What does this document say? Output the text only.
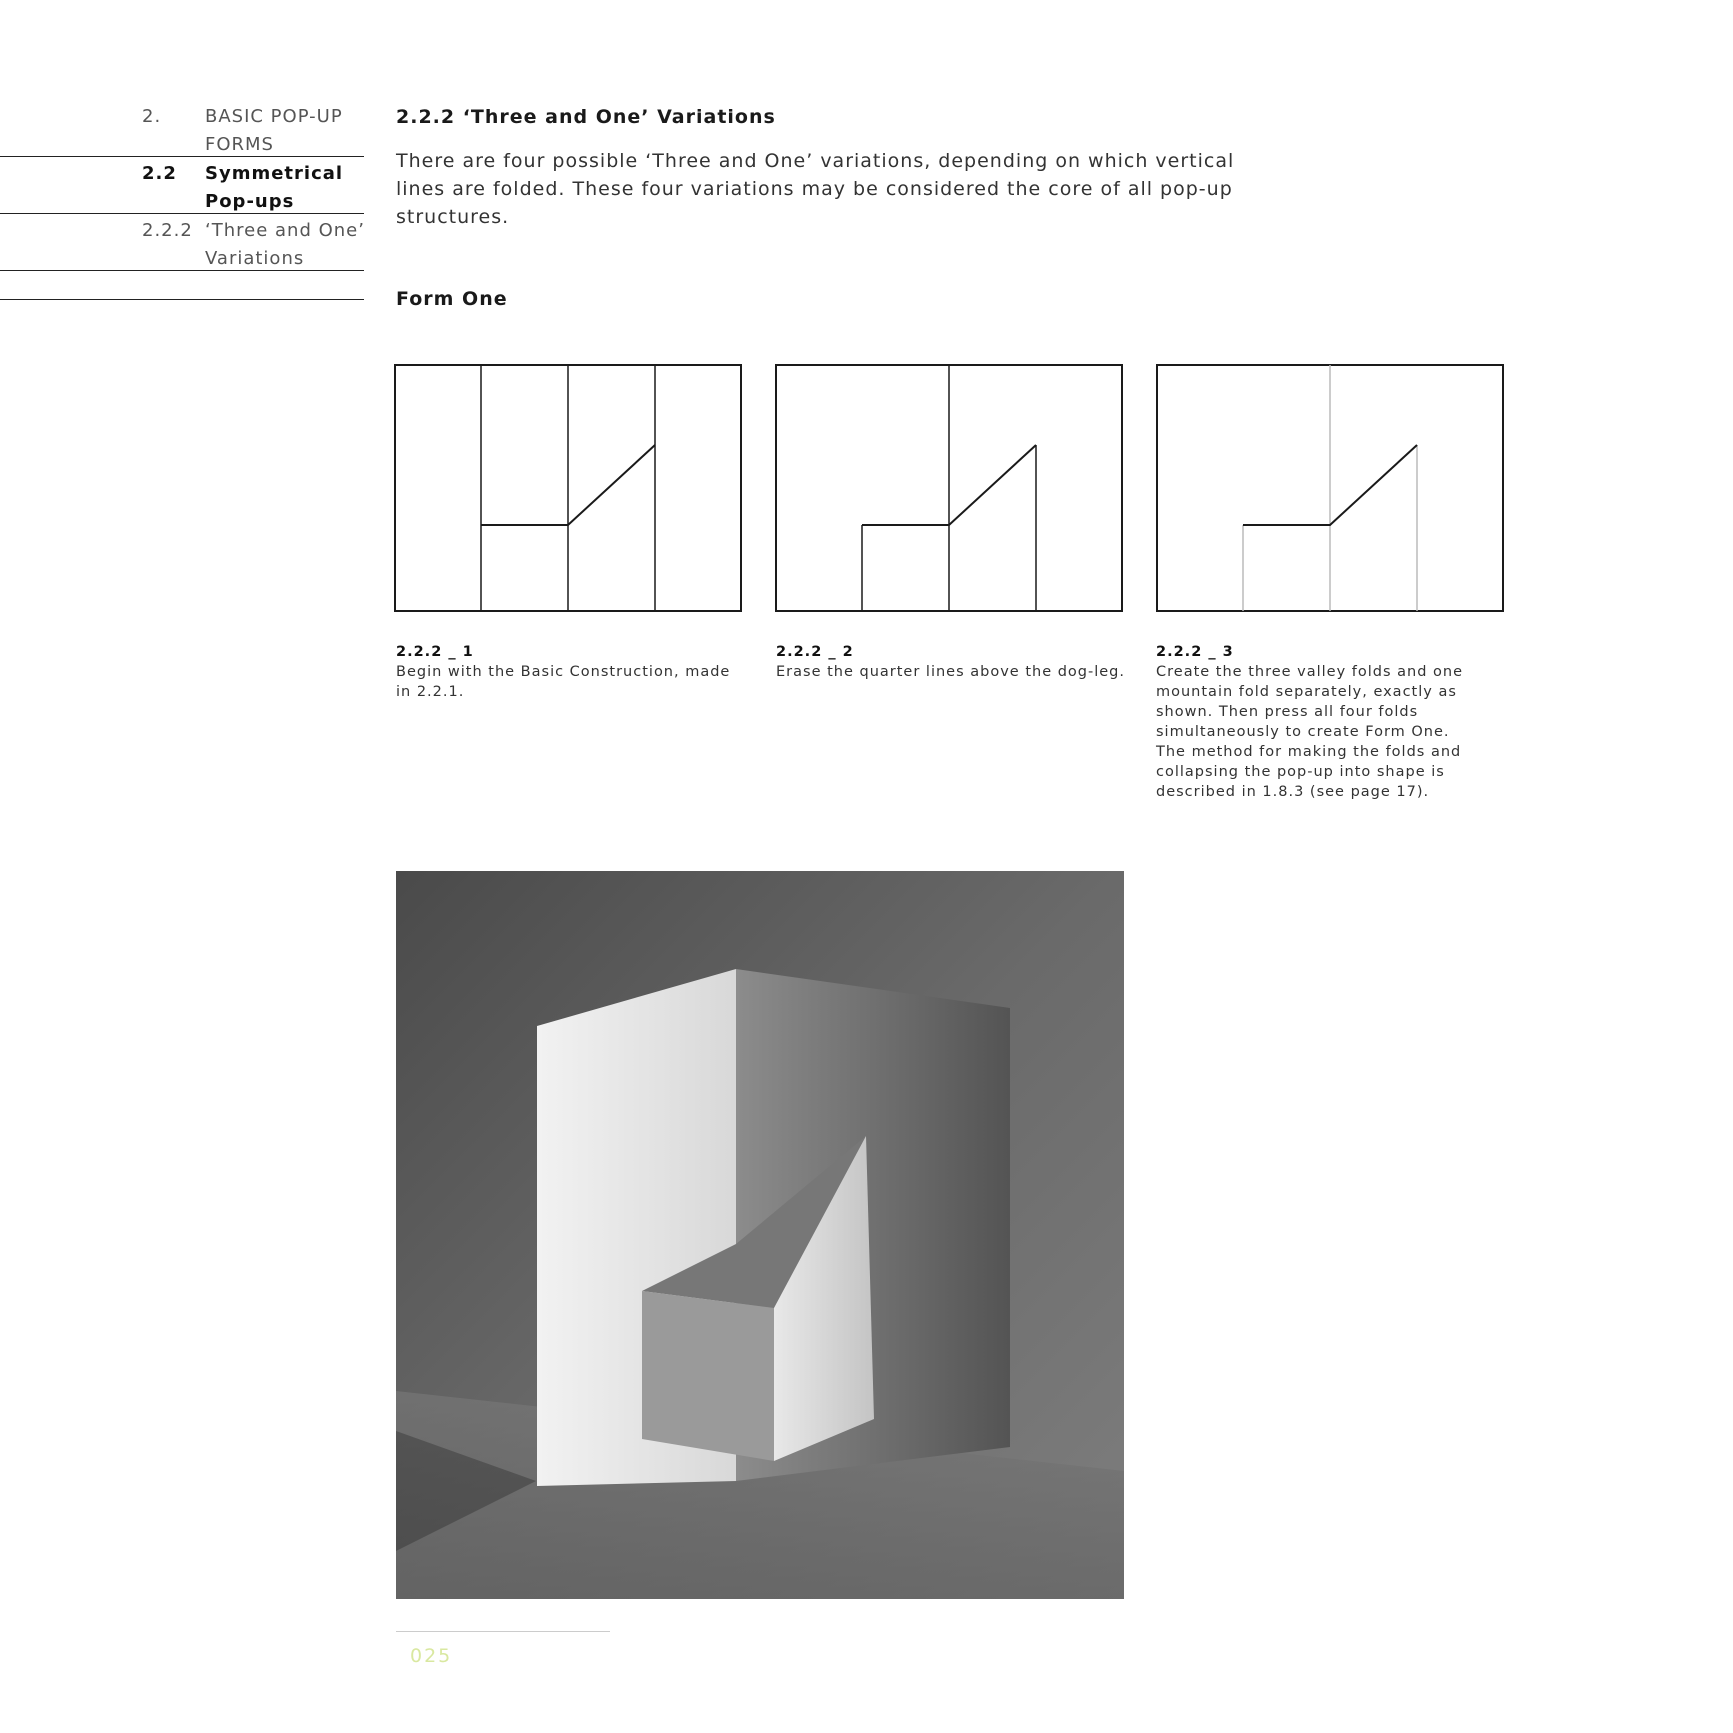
2. BASIC POP-UP FORMS
2.2 Symmetrical Pop-ups
2.2.2 ‘Three and One’ Variations
2.2.2 ‘Three and One’ Variations

There are four possible ‘Three and One’ variations, depending on which vertical lines are folded. These four variations may be considered the core of all pop-up structures.

Form One
2.2.2 _ 1
Begin with the Basic Construction, made in 2.2.1.
2.2.2 _ 2
Erase the quarter lines above the dog-leg.
2.2.2 _ 3
Create the three valley folds and one mountain fold separately, exactly as shown. Then press all four folds simultaneously to create Form One. The method for making the folds and collapsing the pop-up into shape is described in 1.8.3 (see page 17).
025
